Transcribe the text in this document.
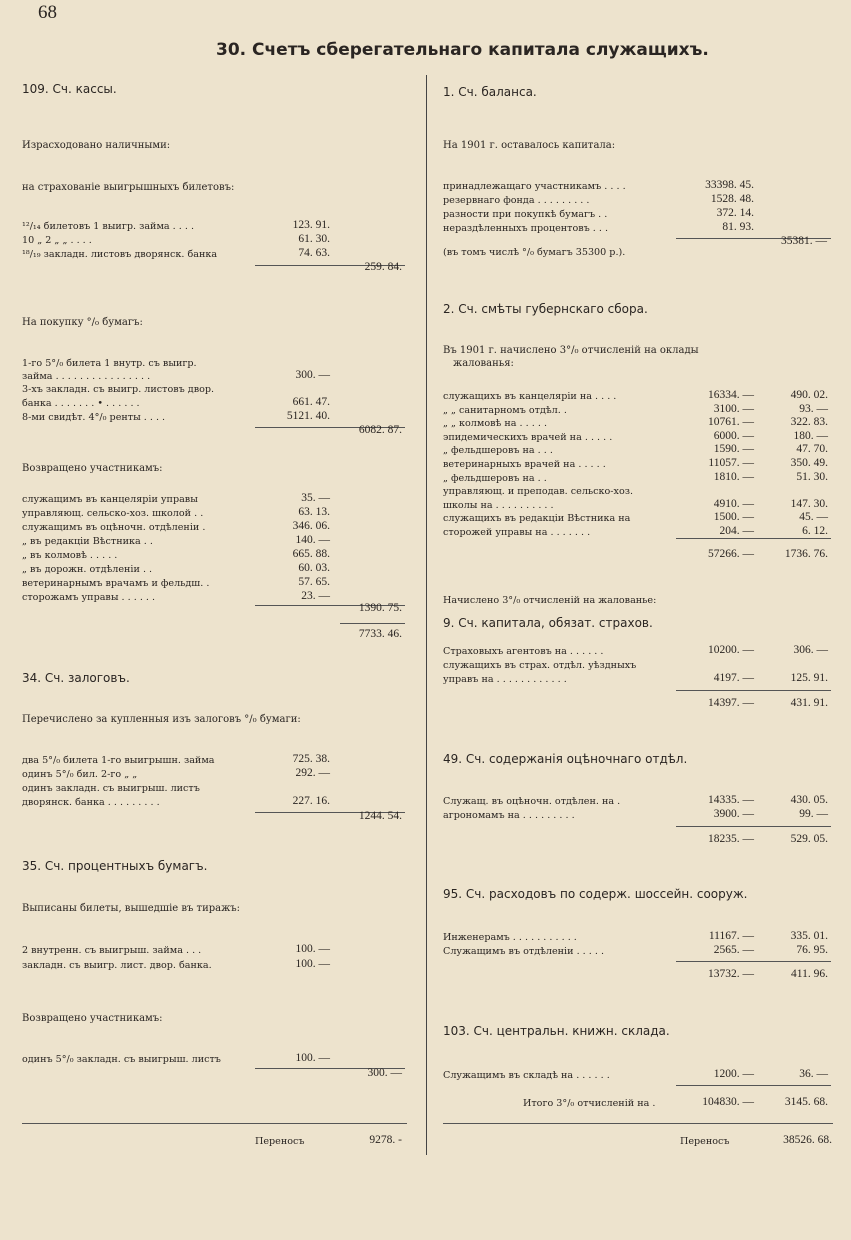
68
30. Счетъ сберегательнаго капитала служащихъ.
109. Сч. кассы.
Израсходовано наличными:
на страхованіе выигрышныхъ билетовъ:
¹²/₁₄ билетовъ 1 выигр. займа . . . .	123. 91.
10 „ 2 „ „ . . . .	61. 30.
¹⁸/₁₉ закладн. листовъ дворянск. банка	74. 63.
259. 84.
На покупку °/₀ бумагъ:
1-го 5°/₀ билета 1 внутр. съ выигр.
займа . . . . . . . . . . . . . . . .	300. —
3-хъ закладн. съ выигр. листовъ двор.
банка . . . . . . . • . . . . . .	661. 47.
8-ми свидѣт. 4°/₀ ренты . . . .	5121. 40.
6082. 87.
Возвращено участникамъ:
служащимъ въ канцеляріи управы	35. —
управляющ. сельско-хоз. школой . .	63. 13.
служащимъ въ оцѣночн. отдѣленіи .	346. 06.
„ въ редакціи Вѣстника . .	140. —
„ въ колмовѣ . . . . .	665. 88.
„ въ дорожн. отдѣленіи . .	60. 03.
ветеринарнымъ врачамъ и фельдш. .	57. 65.
сторожамъ управы . . . . . .	23. —
1390. 75.
7733. 46.
34. Сч. залоговъ.
Перечислено за купленныя изъ залоговъ °/₀ бумаги:
два 5°/₀ билета 1-го выигрышн. займа	725. 38.
одинъ 5°/₀ бил. 2-го „ „	292. —
одинъ закладн. съ выигрыш. листъ
дворянск. банка . . . . . . . . .	227. 16.
1244. 54.
35. Сч. процентныхъ бумагъ.
Выписаны билеты, вышедшіе въ тиражъ:
2 внутренн. съ выигрыш. займа . . .	100. —
закладн. съ выигр. лист. двор. банка.	100. —
Возвращено участникамъ:
одинъ 5°/₀ закладн. съ выигрыш. листъ	100. —
300. —
Переносъ	9278. -
1. Сч. баланса.
На 1901 г. оставалось капитала:
принадлежащаго участникамъ . . . .	33398. 45.
резервнаго фонда . . . . . . . . .	1528. 48.
разности при покупкѣ бумагъ . .	372. 14.
нераздѣленныхъ процентовъ . . .	81. 93.
35381. —
(въ томъ числѣ °/₀ бумагъ 35300 р.).
2. Сч. смѣты губернскаго сбора.
Въ 1901 г. начислено 3°/₀ отчисленій на оклады
жалованья:
служащихъ въ канцеляріи на . . . .	16334. —	490. 02.
„ „ санитарномъ отдѣл. .	3100. —	93. —
„ „ колмовѣ на . . . . .	10761. —	322. 83.
эпидемическихъ врачей на . . . . .	6000. —	180. —
„ фельдшеровъ на . . .	1590. —	47. 70.
ветеринарныхъ врачей на . . . . .	11057. —	350. 49.
„ фельдшеровъ на . .	1810. —	51. 30.
управляющ. и преподав. сельско-хоз.
школы на . . . . . . . . . .	4910. —	147. 30.
служащихъ въ редакціи Вѣстника на	1500. —	45. —
сторожей управы на . . . . . . .	204. —	6. 12.
57266. —	1736. 76.
Начислено 3°/₀ отчисленій на жалованье:
9. Сч. капитала, обязат. страхов.
Страховыхъ агентовъ на . . . . . .	10200. —	306. —
служащихъ въ страх. отдѣл. уѣздныхъ
управъ на . . . . . . . . . . . .	4197. —	125. 91.
14397. —	431. 91.
49. Сч. содержанія оцѣночнаго отдѣл.
Служащ. въ оцѣночн. отдѣлен. на .	14335. —	430. 05.
агрономамъ на . . . . . . . . .	3900. —	99. —
18235. —	529. 05.
95. Сч. расходовъ по содерж. шоссейн. сооруж.
Инженерамъ . . . . . . . . . . .	11167. —	335. 01.
Служащимъ въ отдѣленіи . . . . .	2565. —	76. 95.
13732. —	411. 96.
103. Сч. центральн. книжн. склада.
Служащимъ въ складѣ на . . . . . .	1200. —	36. —
Итого 3°/₀ отчисленій на .	104830. —	3145. 68.
Переносъ	38526. 68.
